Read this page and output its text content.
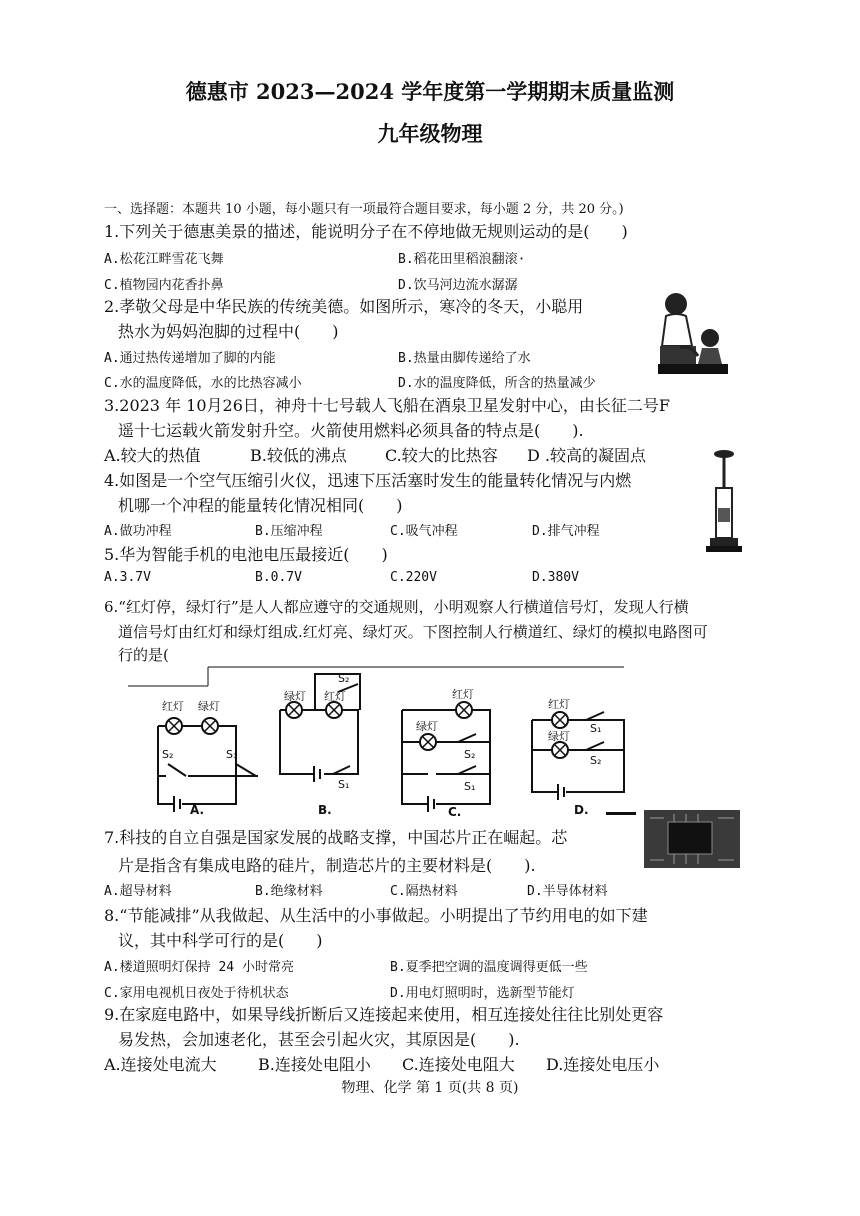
德惠市 2023—2024 学年度第一学期期末质量监测
九年级物理
一、选择题：本题共 10 小题，每小题只有一项最符合题目要求，每小题 2 分，共 20 分。)
1.下列关于德惠美景的描述，能说明分子在不停地做无规则运动的是(　　)
A.松花江畔雪花飞舞	B.稻花田里稻浪翻滚·
C.植物园内花香扑鼻	D.饮马河边流水潺潺
2.孝敬父母是中华民族的传统美德。如图所示，寒冷的冬天，小聪用
热水为妈妈泡脚的过程中(　　)
A.通过热传递增加了脚的内能	B.热量由脚传递给了水
C.水的温度降低，水的比热容减小	D.水的温度降低，所含的热量减少
3.2023 年 10月26日，神舟十七号载人飞船在酒泉卫星发射中心，由长征二号F
遥十七运载火箭发射升空。火箭使用燃料必须具备的特点是(　　).
A.较大的热值	B.较低的沸点 C.较大的比热容 D .较高的凝固点
4.如图是一个空气压缩引火仪，迅速下压活塞时发生的能量转化情况与内燃
机哪一个冲程的能量转化情况相同(　　)
A.做功冲程	B.压缩冲程	C.吸气冲程	D.排气冲程
5.华为智能手机的电池电压最接近(　　)
A.3.7V	B.0.7V	C.220V	D.380V
6.“红灯停，绿灯行”是人人都应遵守的交通规则，小明观察人行横道信号灯，发现人行横
道信号灯由红灯和绿灯组成.红灯亮、绿灯灭。下图控制人行横道红、绿灯的模拟电路图可
行的是(
红灯 绿灯
S₂	S₁
A.
绿灯 红灯
S₂
S₁
B.
红灯
绿灯
S₂
S₁
C.
红灯
绿灯
S₁
S₂
D.
7.科技的自立自强是国家发展的战略支撑，中国芯片正在崛起。芯
片是指含有集成电路的硅片，制造芯片的主要材料是(　　).
A.超导材料	B.绝缘材料	C.隔热材料	D.半导体材料
8.“节能减排”从我做起、从生活中的小事做起。小明提出了节约用电的如下建
议，其中科学可行的是(　　)
A.楼道照明灯保持 24 小时常亮	B.夏季把空调的温度调得更低一些
C.家用电视机日夜处于待机状态	D.用电灯照明时，选新型节能灯
9.在家庭电路中，如果导线折断后又连接起来使用，相互连接处往往比别处更容
易发热，会加速老化，甚至会引起火灾，其原因是(　　).
A.连接处电流大	B.连接处电阻小 C.连接处电阻大 D.连接处电压小
物理、化学 第 1 页(共 8 页)
